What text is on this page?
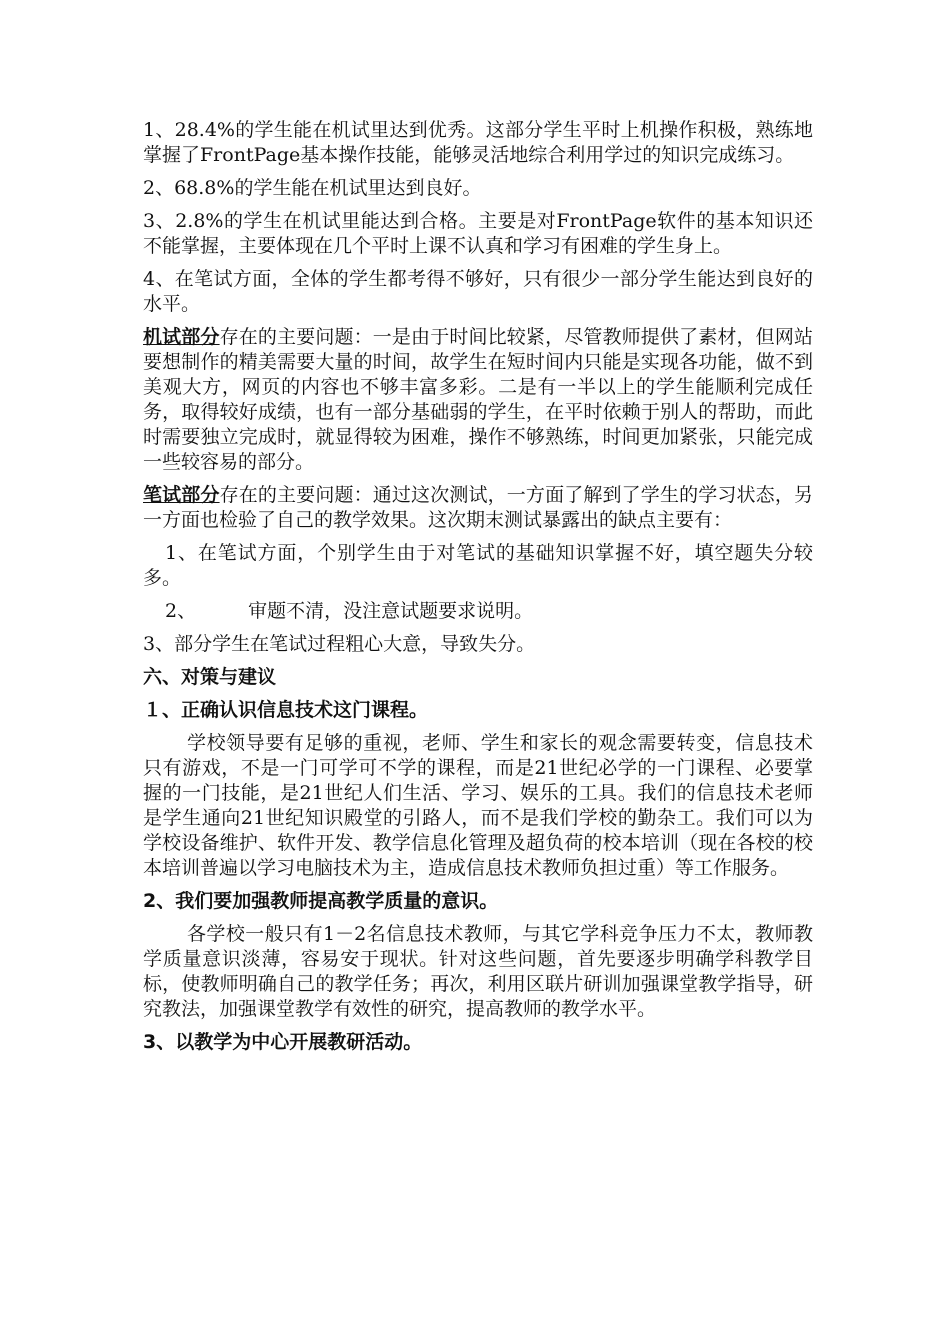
1、28.4%的学生能在机试里达到优秀。这部分学生平时上机操作积极，熟练地掌握了FrontPage基本操作技能，能够灵活地综合利用学过的知识完成练习。

2、68.8%的学生能在机试里达到良好。

3、2.8%的学生在机试里能达到合格。主要是对FrontPage软件的基本知识还不能掌握，主要体现在几个平时上课不认真和学习有困难的学生身上。

4、在笔试方面，全体的学生都考得不够好，只有很少一部分学生能达到良好的水平。

机试部分存在的主要问题：一是由于时间比较紧，尽管教师提供了素材，但网站要想制作的精美需要大量的时间，故学生在短时间内只能是实现各功能，做不到美观大方，网页的内容也不够丰富多彩。二是有一半以上的学生能顺利完成任务，取得较好成绩，也有一部分基础弱的学生，在平时依赖于别人的帮助，而此时需要独立完成时，就显得较为困难，操作不够熟练，时间更加紧张，只能完成一些较容易的部分。

笔试部分存在的主要问题：通过这次测试，一方面了解到了学生的学习状态，另一方面也检验了自己的教学效果。这次期末测试暴露出的缺点主要有：

1、在笔试方面，个别学生由于对笔试的基础知识掌握不好，填空题失分较多。

2、	审题不清，没注意试题要求说明。

3、部分学生在笔试过程粗心大意，导致失分。

六、对策与建议

１、正确认识信息技术这门课程。

学校领导要有足够的重视，老师、学生和家长的观念需要转变，信息技术只有游戏，不是一门可学可不学的课程，而是21世纪必学的一门课程、必要掌握的一门技能，是21世纪人们生活、学习、娱乐的工具。我们的信息技术老师是学生通向21世纪知识殿堂的引路人，而不是我们学校的勤杂工。我们可以为学校设备维护、软件开发、教学信息化管理及超负荷的校本培训（现在各校的校本培训普遍以学习电脑技术为主，造成信息技术教师负担过重）等工作服务。

2、我们要加强教师提高教学质量的意识。

各学校一般只有1－2名信息技术教师，与其它学科竞争压力不太，教师教学质量意识淡薄，容易安于现状。针对这些问题，首先要逐步明确学科教学目标，使教师明确自己的教学任务；再次，利用区联片研训加强课堂教学指导，研究教法，加强课堂教学有效性的研究，提高教师的教学水平。

3、以教学为中心开展教研活动。
